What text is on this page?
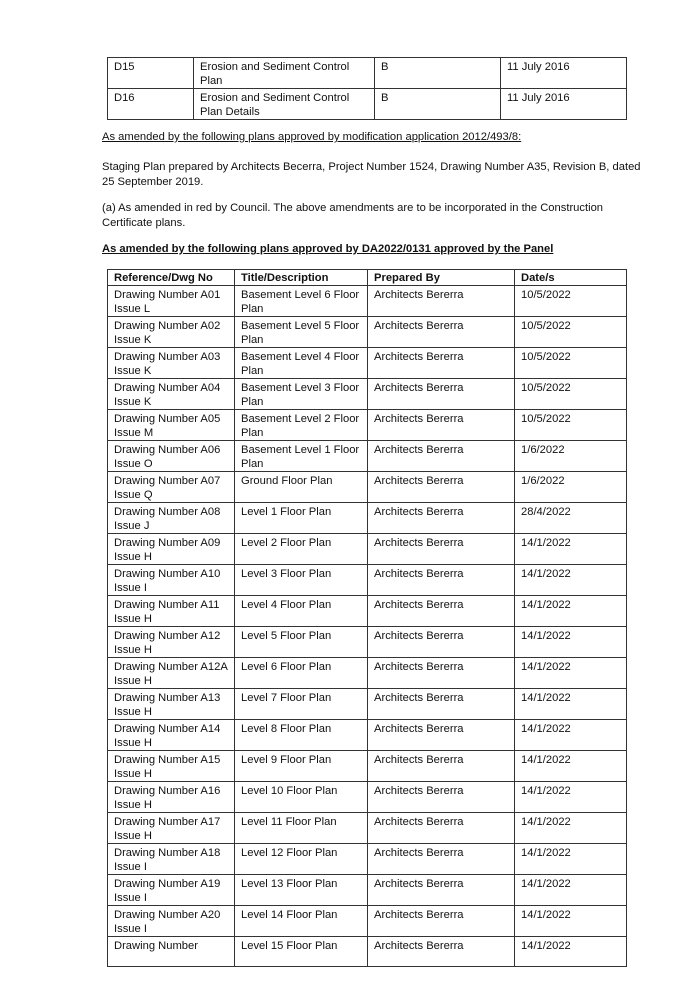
D15	Erosion and Sediment Control Plan	B	11 July 2016
D16	Erosion and Sediment Control Plan Details	B	11 July 2016

As amended by the following plans approved by modification application 2012/493/8:

Staging Plan prepared by Architects Becerra, Project Number 1524, Drawing Number A35, Revision B, dated 25 September 2019.

(a) As amended in red by Council. The above amendments are to be incorporated in the Construction Certificate plans.

As amended by the following plans approved by DA2022/0131 approved by the Panel

Reference/Dwg No	Title/Description	Prepared By	Date/s
Drawing Number A01 Issue L	Basement Level 6 Floor Plan	Architects Bererra	10/5/2022
Drawing Number A02 Issue K	Basement Level 5 Floor Plan	Architects Bererra	10/5/2022
Drawing Number A03 Issue K	Basement Level 4 Floor Plan	Architects Bererra	10/5/2022
Drawing Number A04 Issue K	Basement Level 3 Floor Plan	Architects Bererra	10/5/2022
Drawing Number A05 Issue M	Basement Level 2 Floor Plan	Architects Bererra	10/5/2022
Drawing Number A06 Issue O	Basement Level 1 Floor Plan	Architects Bererra	1/6/2022
Drawing Number A07 Issue Q	Ground Floor Plan	Architects Bererra	1/6/2022
Drawing Number A08 Issue J	Level 1 Floor Plan	Architects Bererra	28/4/2022
Drawing Number A09 Issue H	Level 2 Floor Plan	Architects Bererra	14/1/2022
Drawing Number A10 Issue I	Level 3 Floor Plan	Architects Bererra	14/1/2022
Drawing Number A11 Issue H	Level 4 Floor Plan	Architects Bererra	14/1/2022
Drawing Number A12 Issue H	Level 5 Floor Plan	Architects Bererra	14/1/2022
Drawing Number A12A Issue H	Level 6 Floor Plan	Architects Bererra	14/1/2022
Drawing Number A13 Issue H	Level 7 Floor Plan	Architects Bererra	14/1/2022
Drawing Number A14 Issue H	Level 8 Floor Plan	Architects Bererra	14/1/2022
Drawing Number A15 Issue H	Level 9 Floor Plan	Architects Bererra	14/1/2022
Drawing Number A16 Issue H	Level 10 Floor Plan	Architects Bererra	14/1/2022
Drawing Number A17 Issue H	Level 11 Floor Plan	Architects Bererra	14/1/2022
Drawing Number A18 Issue I	Level 12 Floor Plan	Architects Bererra	14/1/2022
Drawing Number A19 Issue I	Level 13 Floor Plan	Architects Bererra	14/1/2022
Drawing Number A20 Issue I	Level 14 Floor Plan	Architects Bererra	14/1/2022
Drawing Number	Level 15 Floor Plan	Architects Bererra	14/1/2022
